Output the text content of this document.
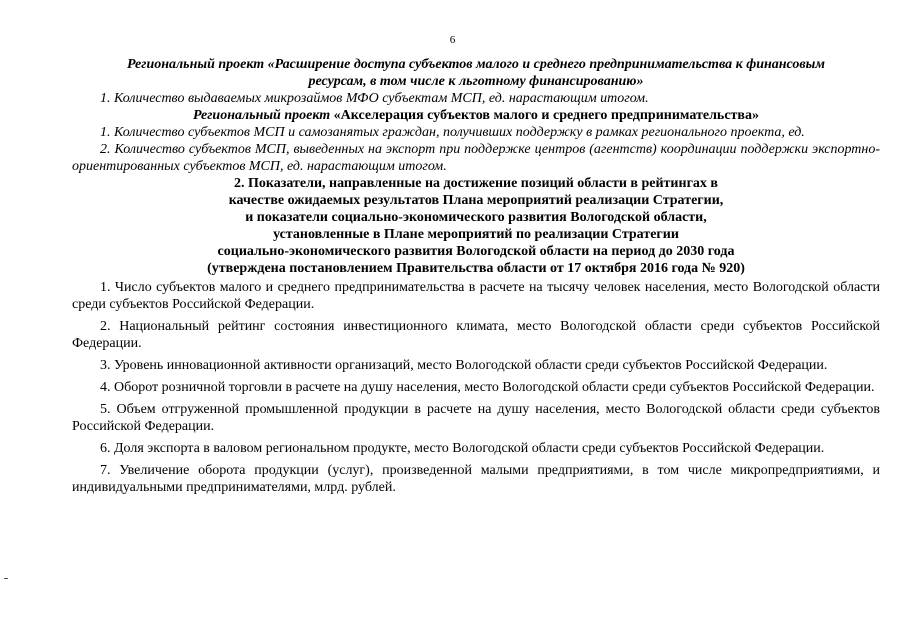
6
Региональный проект «Расширение доступа субъектов малого и среднего предпринимательства к финансовым
ресурсам, в том числе к льготному финансированию»

1. Количество выдаваемых микрозаймов МФО субъектам МСП, ед. нарастающим итогом.

Региональный проект «Акселерация субъектов малого и среднего предпринимательства»

1. Количество субъектов МСП и самозанятых граждан, получивших поддержку в рамках регионального проекта, ед.

2. Количество субъектов МСП, выведенных на экспорт при поддержке центров (агентств) координации поддержки экспортно-ориентированных субъектов МСП, ед. нарастающим итогом.

2. Показатели, направленные на достижение позиций области в рейтингах в

качестве ожидаемых результатов Плана мероприятий реализации Стратегии,

и показатели социально-экономического развития Вологодской области,

установленные в Плане мероприятий по реализации Стратегии

социально-экономического развития Вологодской области на период до 2030 года

(утверждена постановлением Правительства области от 17 октября 2016 года № 920)

1. Число субъектов малого и среднего предпринимательства в расчете на тысячу человек населения, место Вологодской области среди субъектов Российской Федерации.

2. Национальный рейтинг состояния инвестиционного климата, место Вологодской области среди субъектов Российской Федерации.

3. Уровень инновационной активности организаций, место Вологодской области среди субъектов Российской Федерации.

4. Оборот розничной торговли в расчете на душу населения, место Вологодской области среди субъектов Российской Федерации.

5. Объем отгруженной промышленной продукции в расчете на душу населения, место Вологодской области среди субъектов Российской Федерации.

6. Доля экспорта в валовом региональном продукте, место Вологодской области среди субъектов Российской Федерации.

7. Увеличение оборота продукции (услуг), произведенной малыми предприятиями, в том числе микропредприятиями, и индивидуальными предпринимателями, млрд. рублей.
